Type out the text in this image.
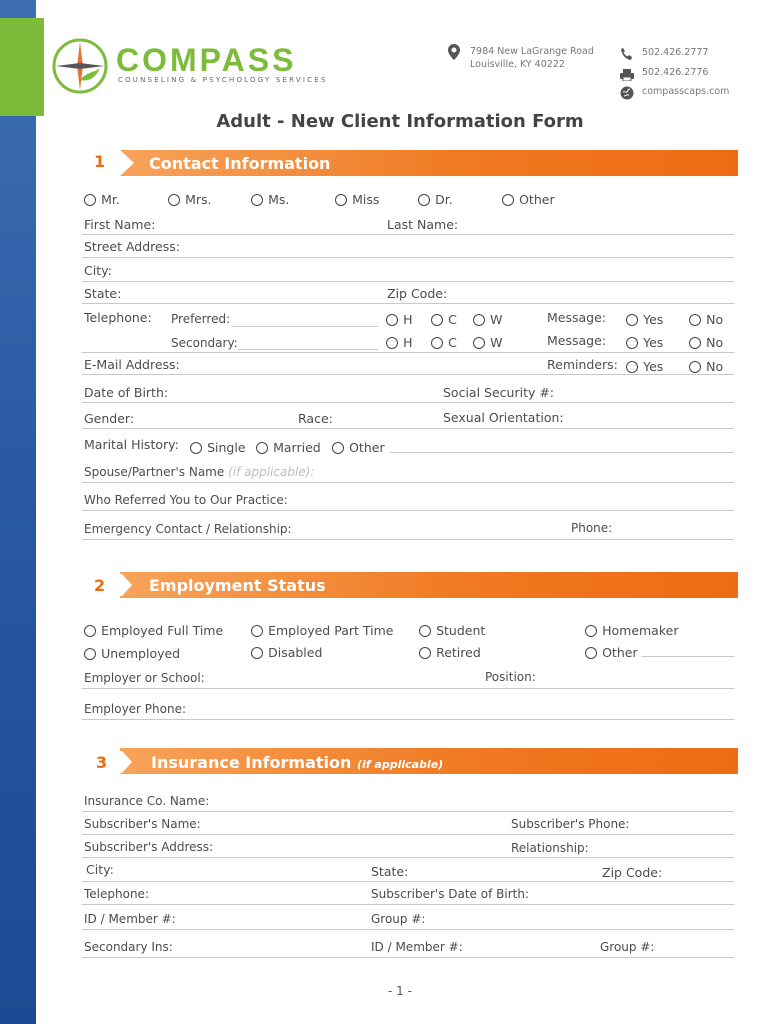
COMPASS
COUNSELING & PSYCHOLOGY SERVICES
7984 New LaGrange Road
Louisville, KY 40222
502.426.2777
502.426.2776
compasscaps.com
Adult - New Client Information Form
1	Contact Information
Mr.	Mrs.	Ms.	Miss	Dr.	Other
First Name:	Last Name:
Street Address:
City:
State:	Zip Code:
Telephone: Preferred:	H	C	W	Message:	Yes	No
Secondary:	H	C	W	Message:	Yes	No
E-Mail Address:	Reminders:	Yes	No
Date of Birth:	Social Security #:
Gender:	Race:	Sexual Orientation:
Marital History:	Single	Married	Other
Spouse/Partner's Name (if applicable):
Who Referred You to Our Practice:
Emergency Contact / Relationship:	Phone:
2	Employment Status
Employed Full Time	Employed Part Time	Student	Homemaker
Unemployed	Disabled	Retired	Other
Employer or School:	Position:
Employer Phone:
3	Insurance Information (if applicable)
Insurance Co. Name:
Subscriber's Name:	Subscriber's Phone:
Subscriber's Address:	Relationship:
City:	State:	Zip Code:
Telephone:	Subscriber's Date of Birth:
ID / Member #:	Group #:
Secondary Ins:	ID / Member #:	Group #:
- 1 -
